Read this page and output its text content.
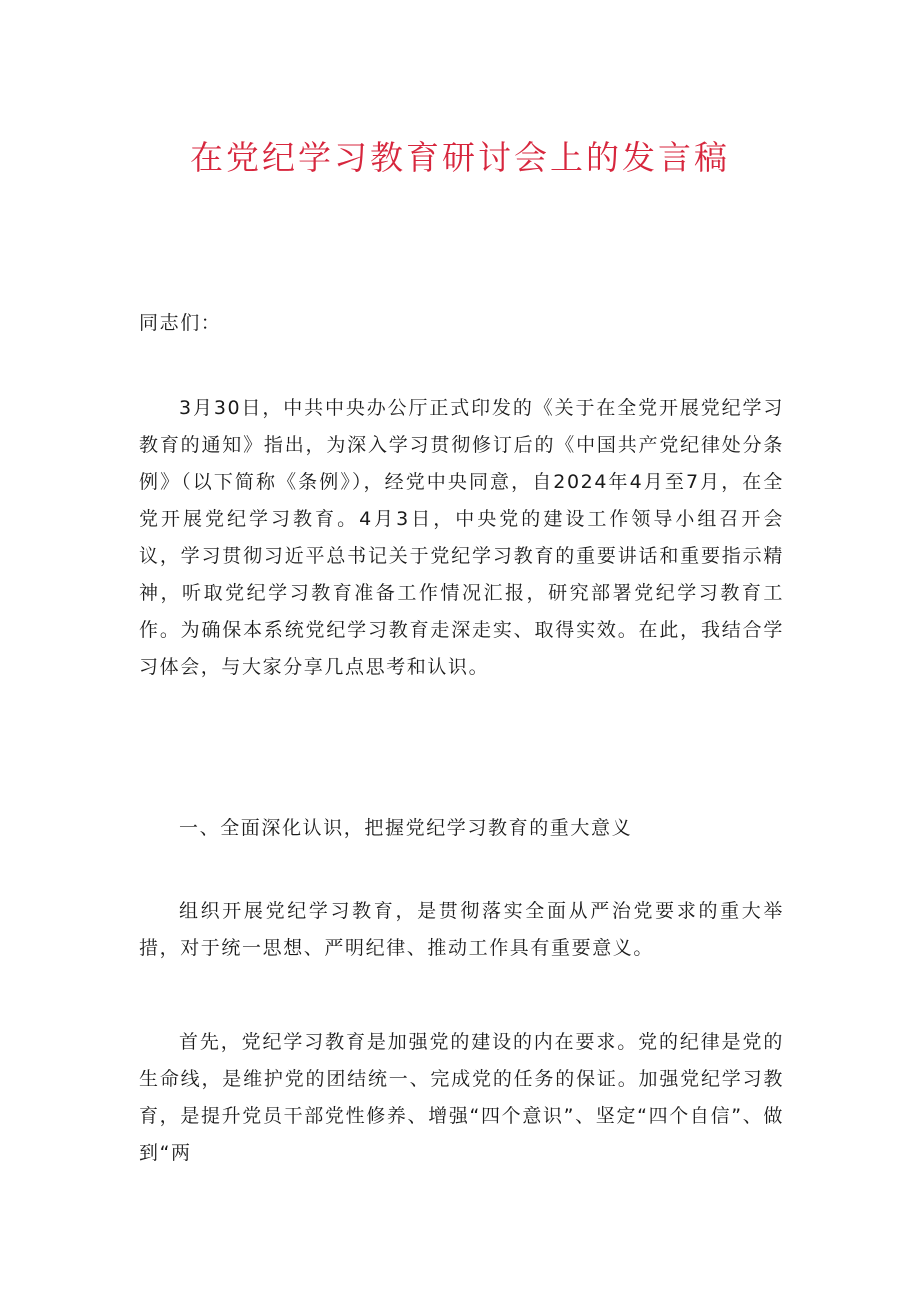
在党纪学习教育研讨会上的发言稿

同志们：

3月30日，中共中央办公厅正式印发的《关于在全党开展党纪学习教育的通知》指出，为深入学习贯彻修订后的《中国共产党纪律处分条例》（以下简称《条例》），经党中央同意，自2024年4月至7月，在全党开展党纪学习教育。4月3日，中央党的建设工作领导小组召开会议，学习贯彻习近平总书记关于党纪学习教育的重要讲话和重要指示精神，听取党纪学习教育准备工作情况汇报，研究部署党纪学习教育工作。为确保本系统党纪学习教育走深走实、取得实效。在此，我结合学习体会，与大家分享几点思考和认识。

一、全面深化认识，把握党纪学习教育的重大意义

组织开展党纪学习教育，是贯彻落实全面从严治党要求的重大举措，对于统一思想、严明纪律、推动工作具有重要意义。

首先，党纪学习教育是加强党的建设的内在要求。党的纪律是党的生命线，是维护党的团结统一、完成党的任务的保证。加强党纪学习教育，是提升党员干部党性修养、增强“四个意识”、坚定“四个自信”、做到“两
